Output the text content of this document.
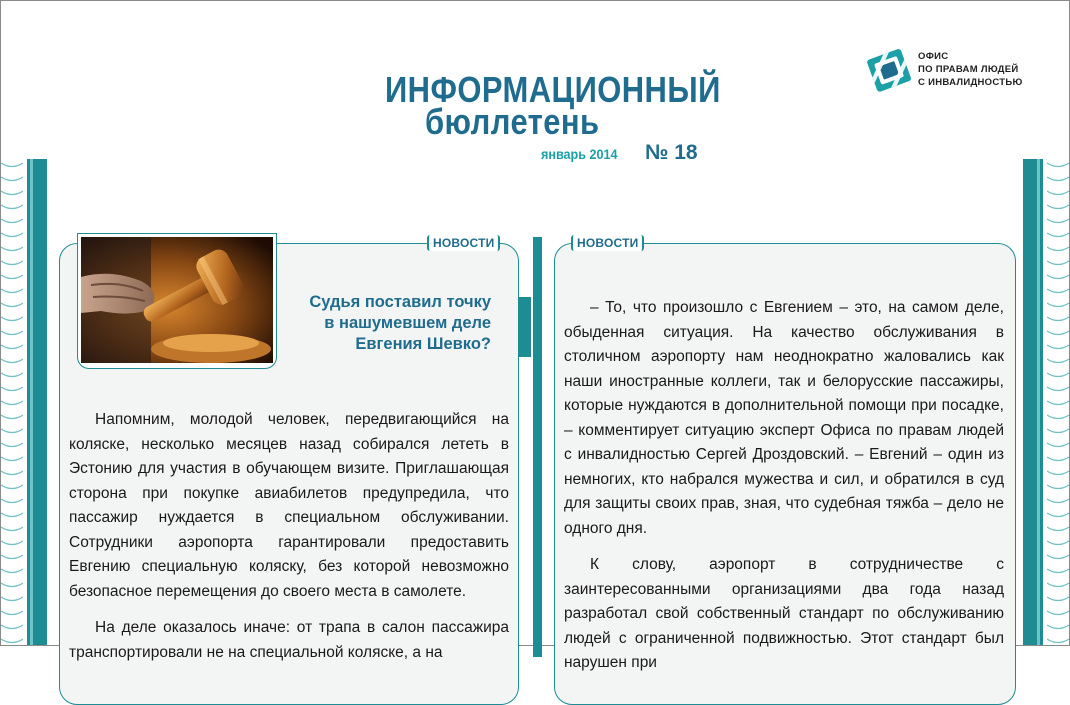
ИНФОРМАЦИОННЫЙ
бюллетень
январь 2014 № 18
ОФИС
ПО ПРАВАМ ЛЮДЕЙ
С ИНВАЛИДНОСТЬЮ
НОВОСТИ	НОВОСТИ
Судья поставил точку
в нашумевшем деле
Евгения Шевко?

Напомним, молодой человек, передвигающийся на коляске, несколько месяцев назад собирался лететь в Эстонию для участия в обучающем визите. Приглашающая сторона при покупке авиабилетов предупредила, что пассажир нуждается в специальном обслуживании. Сотрудники аэропорта гарантировали предоставить Евгению специальную коляску, без которой невозможно безопасное перемещения до своего места в самолете.

На деле оказалось иначе: от трапа в салон пассажира транспортировали не на специальной коляске, а на

– То, что произошло с Евгением – это, на самом деле, обыденная ситуация. На качество обслуживания в столичном аэропорту нам неоднократно жаловались как наши иностранные коллеги, так и белорусские пассажиры, которые нуждаются в дополнительной помощи при посадке, – комментирует ситуацию эксперт Офиса по правам людей с инвалидностью Сергей Дроздовский. – Евгений – один из немногих, кто набрался мужества и сил, и обратился в суд для защиты своих прав, зная, что судебная тяжба – дело не одного дня.

К слову, аэропорт в сотрудничестве с заинтересованными организациями два года назад разработал свой собственный стандарт по обслуживанию людей с ограниченной подвижностью. Этот стандарт был нарушен при
